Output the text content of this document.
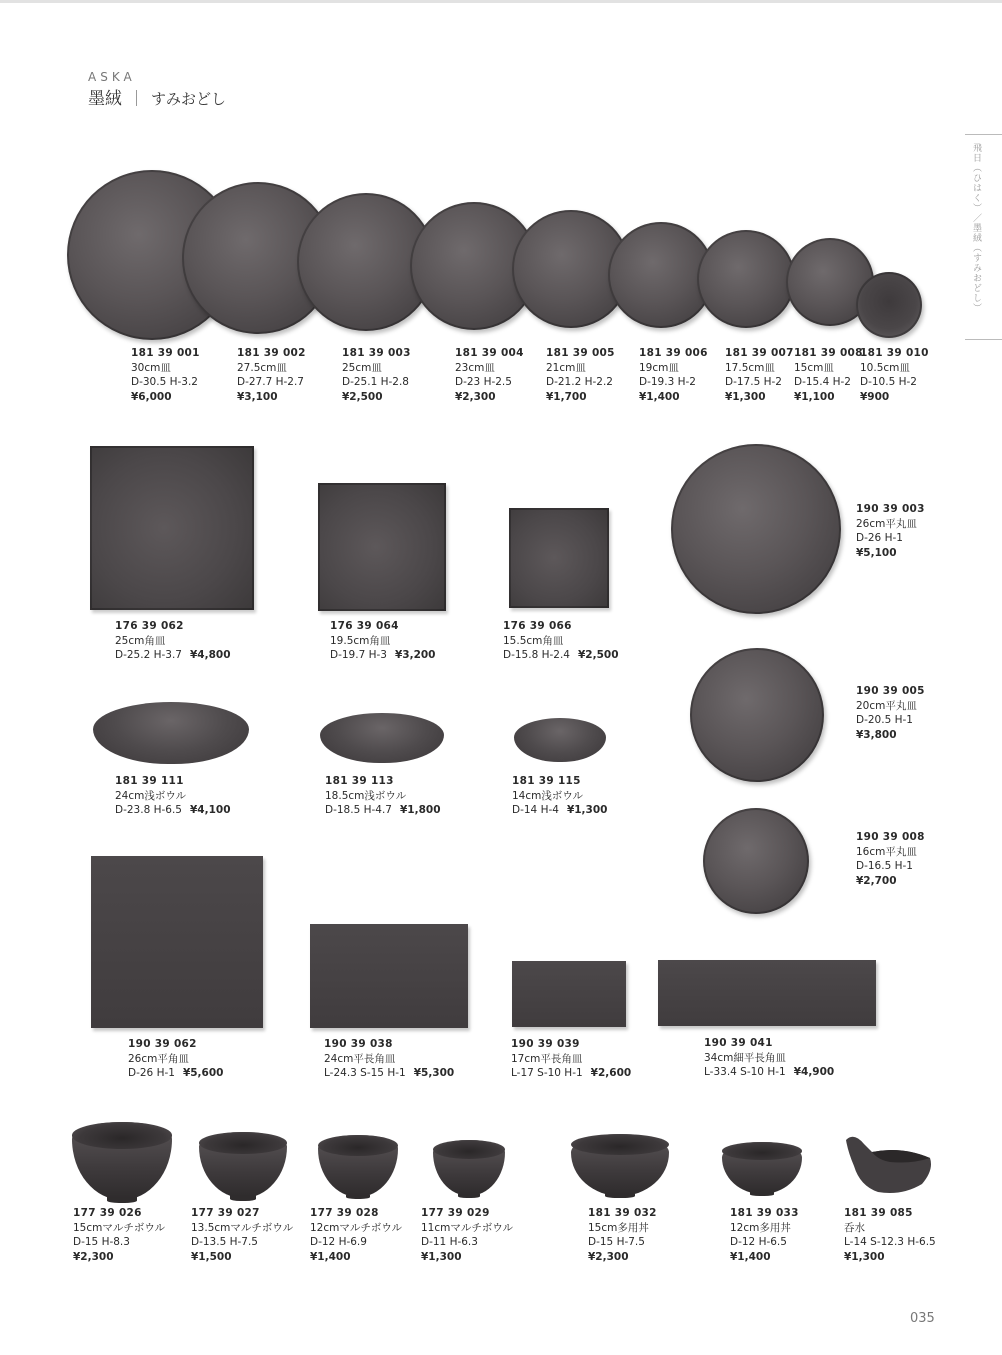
ASKA
墨絨 すみおどし
飛日（ひはく）／墨絨（すみおどし）
035
181 39 001
30cm皿
D-30.5 H-3.2
¥6,000
181 39 002
27.5cm皿
D-27.7 H-2.7
¥3,100
181 39 003
25cm皿
D-25.1 H-2.8
¥2,500
181 39 004
23cm皿
D-23 H-2.5
¥2,300
181 39 005
21cm皿
D-21.2 H-2.2
¥1,700
181 39 006
19cm皿
D-19.3 H-2
¥1,400
181 39 007
17.5cm皿
D-17.5 H-2
¥1,300
181 39 008
15cm皿
D-15.4 H-2
¥1,100
181 39 010
10.5cm皿
D-10.5 H-2
¥900
176 39 062
25cm角皿
D-25.2 H-3.7 ¥4,800
176 39 064
19.5cm角皿
D-19.7 H-3 ¥3,200
176 39 066
15.5cm角皿
D-15.8 H-2.4 ¥2,500
190 39 003
26cm平丸皿
D-26 H-1
¥5,100
181 39 111
24cm浅ボウル
D-23.8 H-6.5 ¥4,100
181 39 113
18.5cm浅ボウル
D-18.5 H-4.7 ¥1,800
181 39 115
14cm浅ボウル
D-14 H-4 ¥1,300
190 39 005
20cm平丸皿
D-20.5 H-1
¥3,800
190 39 008
16cm平丸皿
D-16.5 H-1
¥2,700
190 39 062
26cm平角皿
D-26 H-1 ¥5,600
190 39 038
24cm平長角皿
L-24.3 S-15 H-1 ¥5,300
190 39 039
17cm平長角皿
L-17 S-10 H-1 ¥2,600
190 39 041
34cm細平長角皿
L-33.4 S-10 H-1 ¥4,900
177 39 026
15cmマルチボウル
D-15 H-8.3
¥2,300
177 39 027
13.5cmマルチボウル
D-13.5 H-7.5
¥1,500
177 39 028
12cmマルチボウル
D-12 H-6.9
¥1,400
177 39 029
11cmマルチボウル
D-11 H-6.3
¥1,300
181 39 032
15cm多用丼
D-15 H-7.5
¥2,300
181 39 033
12cm多用丼
D-12 H-6.5
¥1,400
181 39 085
呑水
L-14 S-12.3 H-6.5
¥1,300
